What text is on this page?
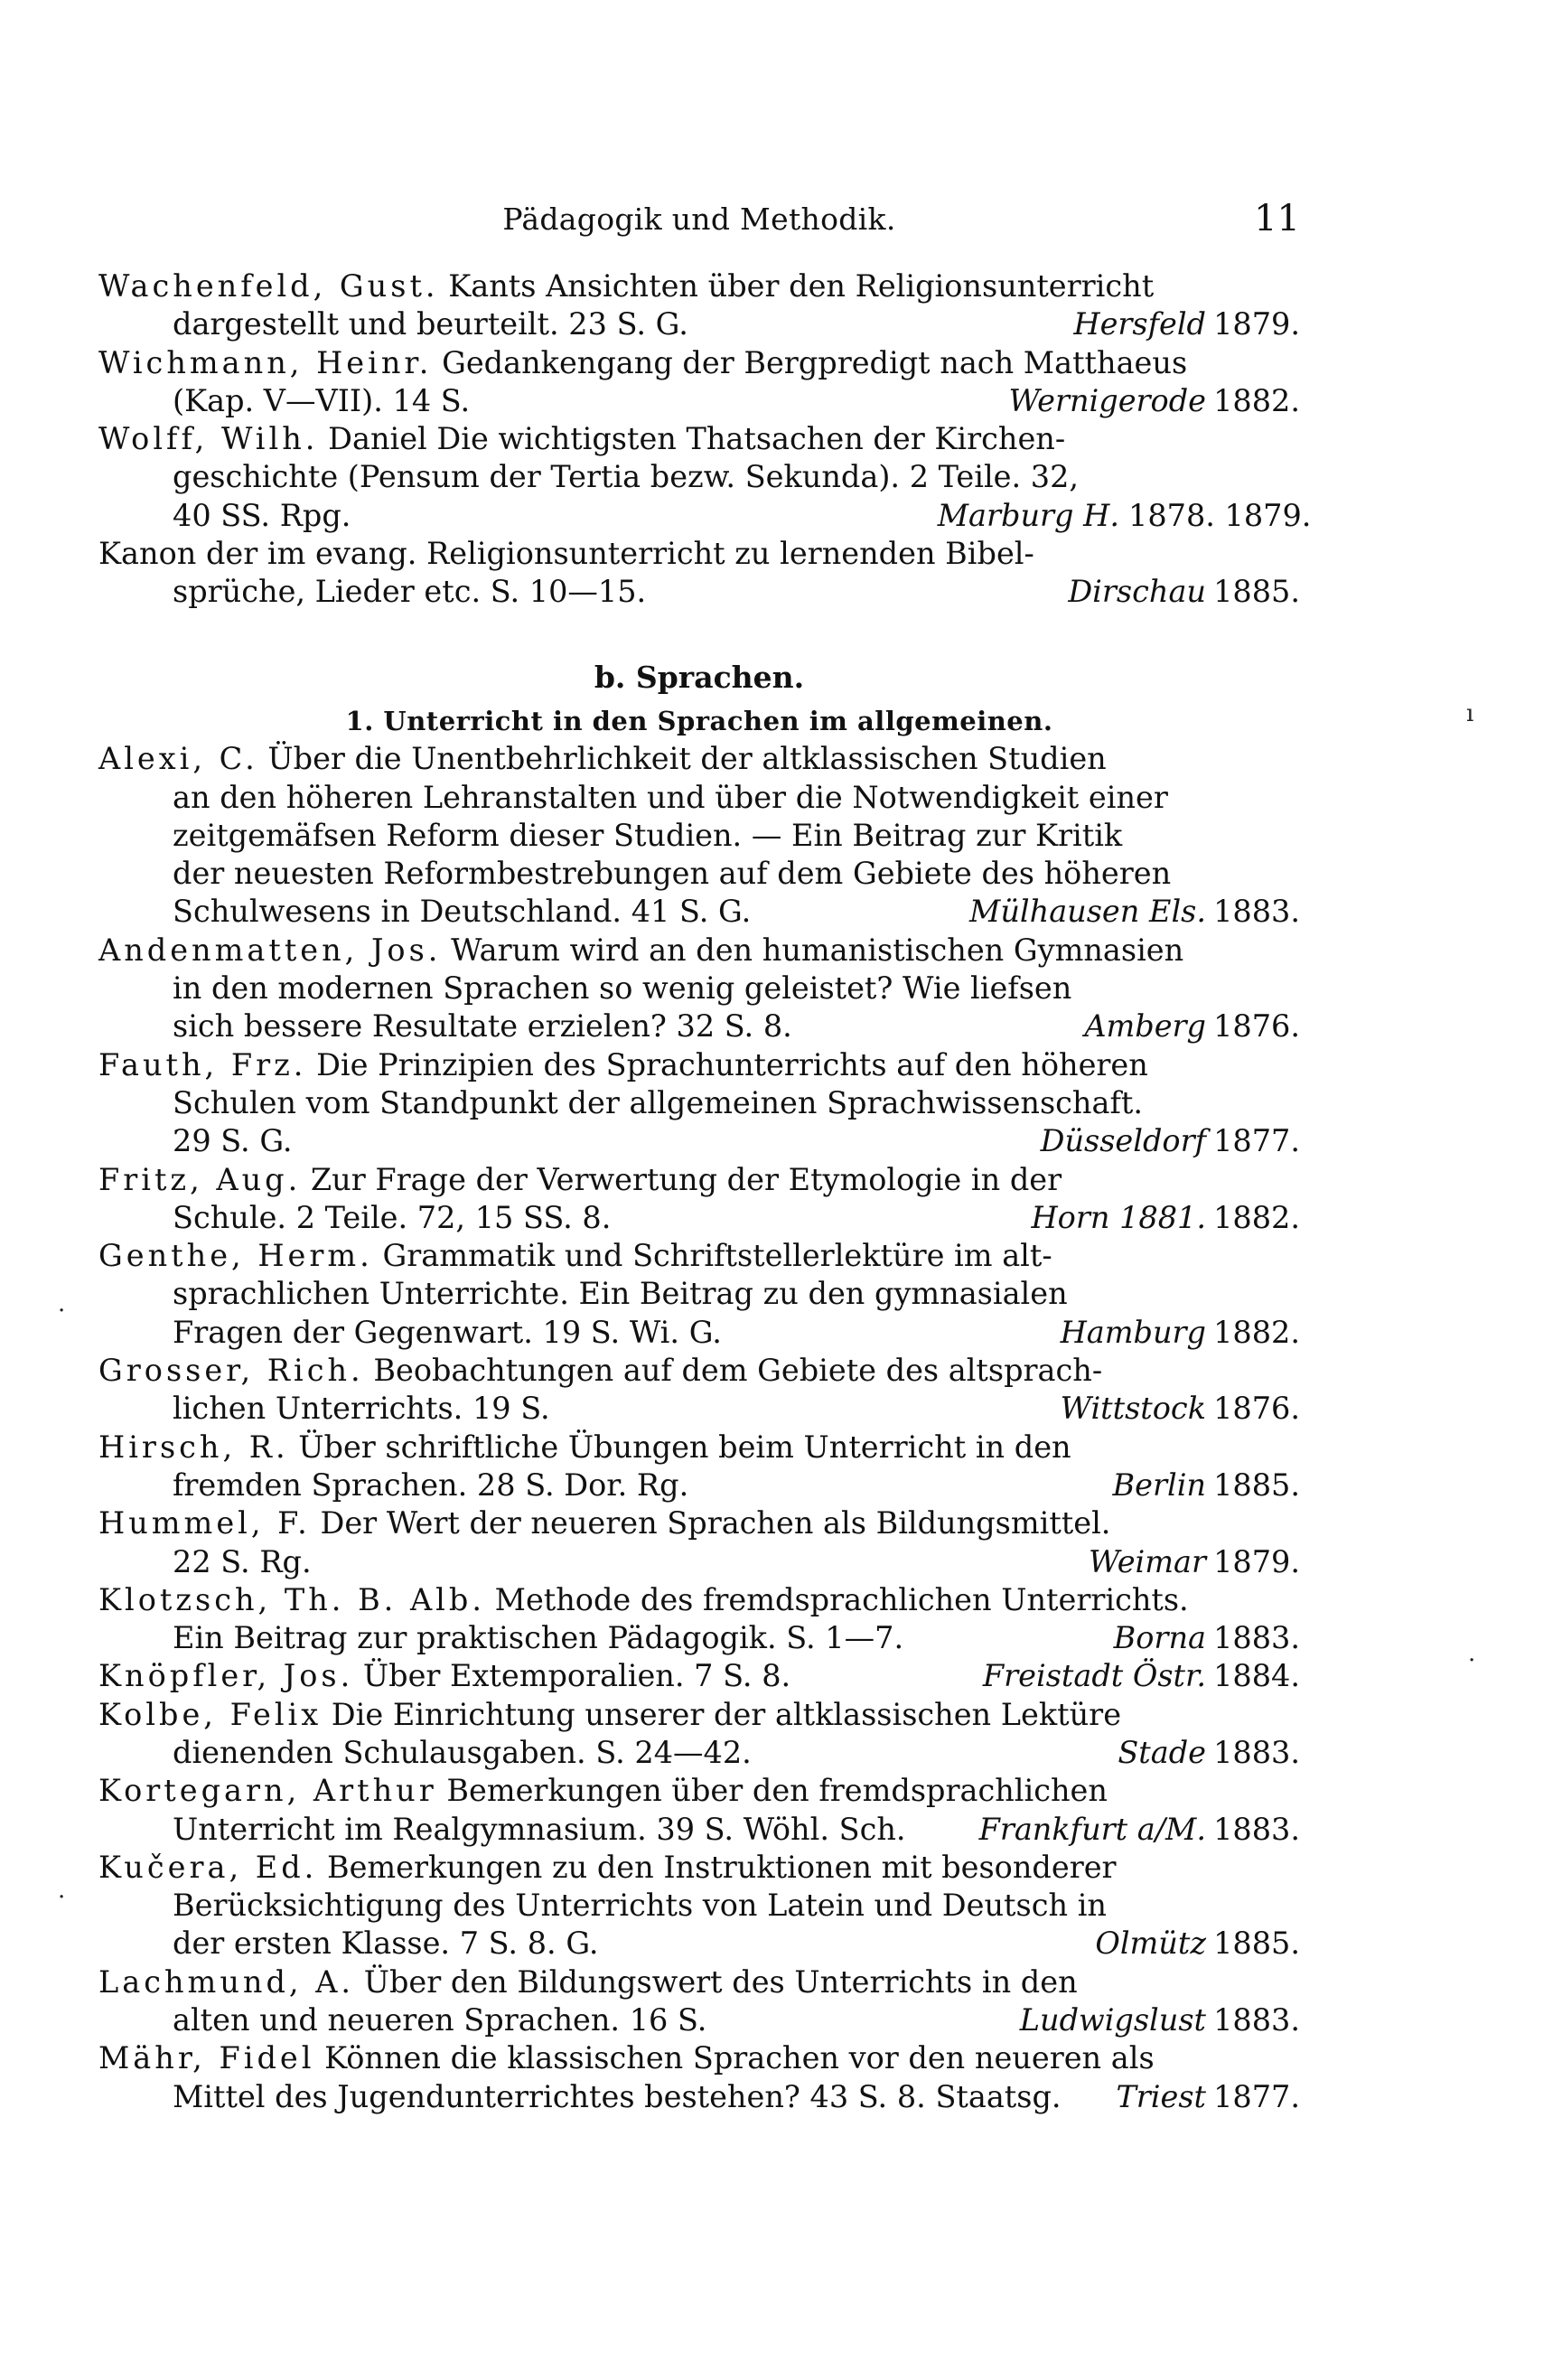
Pädagogik und Methodik.	11
Wachenfeld, Gust. Kants Ansichten über den Religionsunterricht
dargestellt und beurteilt. 23 S. G.	Hersfeld 1879.
Wichmann, Heinr. Gedankengang der Bergpredigt nach Matthaeus
(Kap. V—VII). 14 S.	Wernigerode 1882.
Wolff, Wilh. Daniel Die wichtigsten Thatsachen der Kirchen-
geschichte (Pensum der Tertia bezw. Sekunda). 2 Teile. 32,
40 SS. Rpg.	Marburg H. 1878. 1879.
Kanon der im evang. Religionsunterricht zu lernenden Bibel-
sprüche, Lieder etc. S. 10—15.	Dirschau 1885.
b. Sprachen.
1. Unterricht in den Sprachen im allgemeinen.
Alexi, C. Über die Unentbehrlichkeit der altklassischen Studien
an den höheren Lehranstalten und über die Notwendigkeit einer
zeitgemäfsen Reform dieser Studien. — Ein Beitrag zur Kritik
der neuesten Reformbestrebungen auf dem Gebiete des höheren
Schulwesens in Deutschland. 41 S. G.	Mülhausen Els. 1883.
Andenmatten, Jos. Warum wird an den humanistischen Gymnasien
in den modernen Sprachen so wenig geleistet? Wie liefsen
sich bessere Resultate erzielen? 32 S. 8.	Amberg 1876.
Fauth, Frz. Die Prinzipien des Sprachunterrichts auf den höheren
Schulen vom Standpunkt der allgemeinen Sprachwissenschaft.
29 S. G.	Düsseldorf 1877.
Fritz, Aug. Zur Frage der Verwertung der Etymologie in der
Schule. 2 Teile. 72, 15 SS. 8.	Horn 1881. 1882.
Genthe, Herm. Grammatik und Schriftstellerlektüre im alt-
sprachlichen Unterrichte. Ein Beitrag zu den gymnasialen
Fragen der Gegenwart. 19 S. Wi. G.	Hamburg 1882.
Grosser, Rich. Beobachtungen auf dem Gebiete des altsprach-
lichen Unterrichts. 19 S.	Wittstock 1876.
Hirsch, R. Über schriftliche Übungen beim Unterricht in den
fremden Sprachen. 28 S. Dor. Rg.	Berlin 1885.
Hummel, F. Der Wert der neueren Sprachen als Bildungsmittel.
22 S. Rg.	Weimar 1879.
Klotzsch, Th. B. Alb. Methode des fremdsprachlichen Unterrichts.
Ein Beitrag zur praktischen Pädagogik. S. 1—7.	Borna 1883.
Knöpfler, Jos. Über Extemporalien. 7 S. 8.	Freistadt Östr. 1884.
Kolbe, Felix Die Einrichtung unserer der altklassischen Lektüre
dienenden Schulausgaben. S. 24—42.	Stade 1883.
Kortegarn, Arthur Bemerkungen über den fremdsprachlichen
Unterricht im Realgymnasium. 39 S. Wöhl. Sch. Frankfurt a/M. 1883.
Kučera, Ed. Bemerkungen zu den Instruktionen mit besonderer
Berücksichtigung des Unterrichts von Latein und Deutsch in
der ersten Klasse. 7 S. 8. G.	Olmütz 1885.
Lachmund, A. Über den Bildungswert des Unterrichts in den
alten und neueren Sprachen. 16 S.	Ludwigslust 1883.
Mähr, Fidel Können die klassischen Sprachen vor den neueren als
Mittel des Jugendunterrichtes bestehen? 43 S. 8. Staatsg. Triest 1877.
ı
·
·
·
